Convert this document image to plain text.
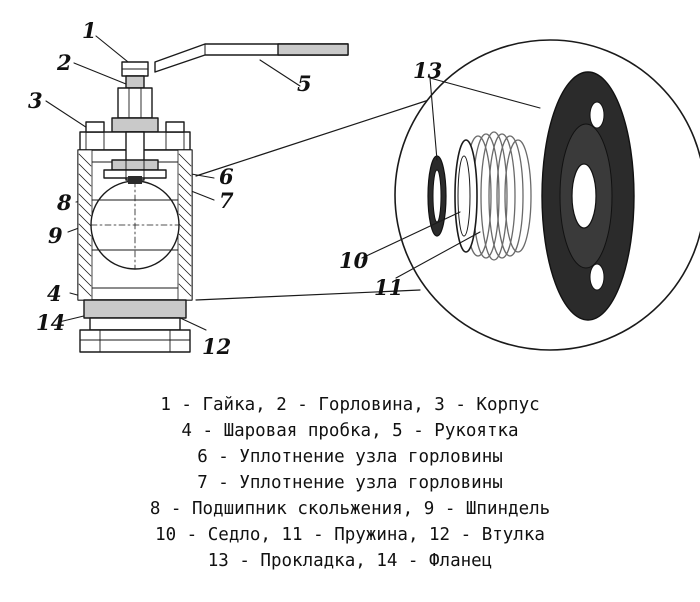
1
2
3
4
5
6
7
8
9
10
11
12
13
14
1 - Гайка, 2 - Горловина, 3 - Корпус
4 - Шаровая пробка, 5 - Рукоятка
6 - Уплотнение узла горловины
7 - Уплотнение узла горловины
8 - Подшипник скольжения, 9 - Шпиндель
10 - Седло, 11 - Пружина, 12 - Втулка
13 - Прокладка, 14 - Фланец
